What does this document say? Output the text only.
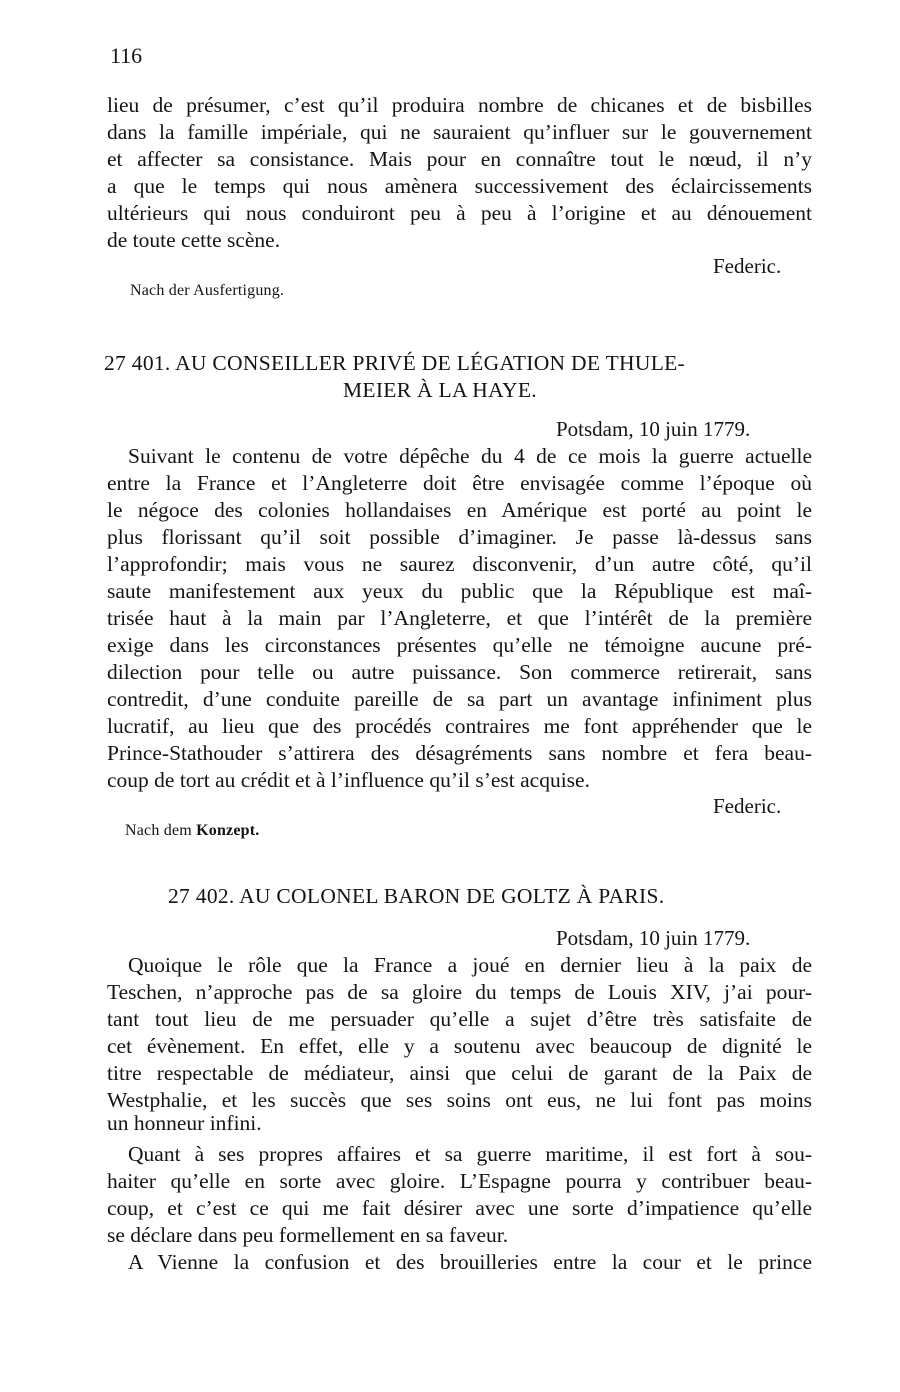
116
lieu de présumer, c’est qu’il produira nombre de chicanes et de bisbilles
dans la famille impériale, qui ne sauraient qu’influer sur le gouvernement
et affecter sa consistance. Mais pour en connaître tout le nœud, il n’y
a que le temps qui nous amènera successivement des éclaircissements
ultérieurs qui nous conduiront peu à peu à l’origine et au dénouement
de toute cette scène.
Federic.
Nach der Ausfertigung.
27 401. AU CONSEILLER PRIVÉ DE LÉGATION DE THULE-
MEIER À LA HAYE.
Potsdam, 10 juin 1779.
Suivant le contenu de votre dépêche du 4 de ce mois la guerre actuelle
entre la France et l’Angleterre doit être envisagée comme l’époque où
le négoce des colonies hollandaises en Amérique est porté au point le
plus florissant qu’il soit possible d’imaginer. Je passe là-dessus sans
l’approfondir; mais vous ne saurez disconvenir, d’un autre côté, qu’il
saute manifestement aux yeux du public que la République est maî-
trisée haut à la main par l’Angleterre, et que l’intérêt de la première
exige dans les circonstances présentes qu’elle ne témoigne aucune pré-
dilection pour telle ou autre puissance. Son commerce retirerait, sans
contredit, d’une conduite pareille de sa part un avantage infiniment plus
lucratif, au lieu que des procédés contraires me font appréhender que le
Prince-Stathouder s’attirera des désagréments sans nombre et fera beau-
coup de tort au crédit et à l’influence qu’il s’est acquise.
Federic.
Nach dem Konzept.
27 402. AU COLONEL BARON DE GOLTZ À PARIS.
Potsdam, 10 juin 1779.
Quoique le rôle que la France a joué en dernier lieu à la paix de
Teschen, n’approche pas de sa gloire du temps de Louis XIV, j’ai pour-
tant tout lieu de me persuader qu’elle a sujet d’être très satisfaite de
cet évènement. En effet, elle y a soutenu avec beaucoup de dignité le
titre respectable de médiateur, ainsi que celui de garant de la Paix de
Westphalie, et les succès que ses soins ont eus, ne lui font pas moins
un honneur infini.
Quant à ses propres affaires et sa guerre maritime, il est fort à sou-
haiter qu’elle en sorte avec gloire. L’Espagne pourra y contribuer beau-
coup, et c’est ce qui me fait désirer avec une sorte d’impatience qu’elle
se déclare dans peu formellement en sa faveur.
A Vienne la confusion et des brouilleries entre la cour et le prince
